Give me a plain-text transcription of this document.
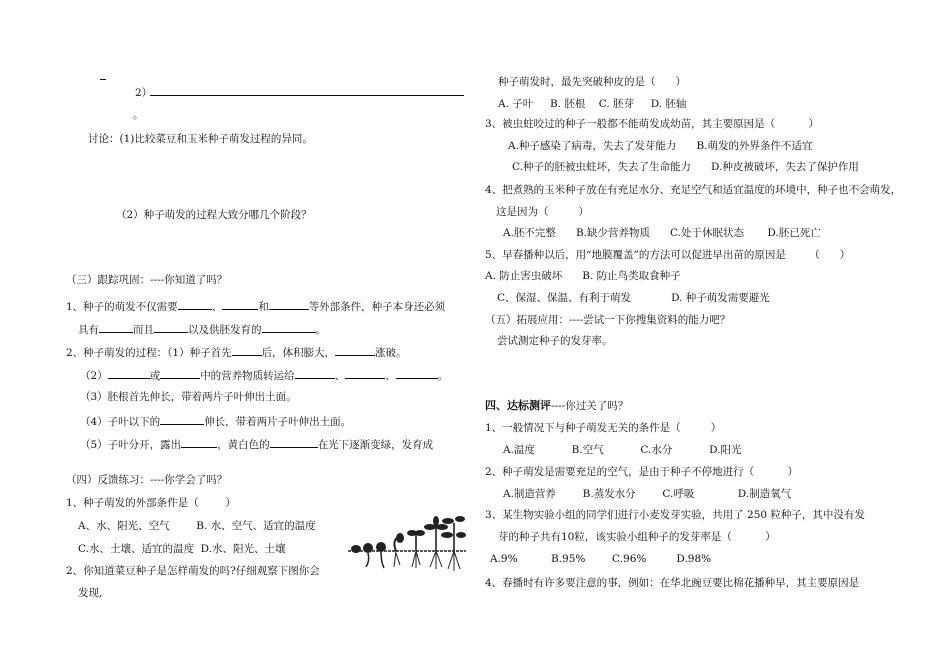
2）
。
讨论：(1)比较菜豆和玉米种子萌发过程的异同。
（2）种子萌发的过程大致分哪几个阶段？
（三）跟踪巩固：----你知道了吗？
1、种子的萌发不仅需要	、	和	等外部条件，种子本身还必须
具有	而且	以及供胚发育的	。
2、种子萌发的过程：（1）种子首先	后，体积膨大，	涨破。
（2）	或	中的营养物质转运给	、	、	。
（3）胚根首先伸长，带着两片子叶伸出土面。
（4）子叶以下的	伸长，带着两片子叶伸出土面。
（5）子叶分开，露出	，黄白色的	在光下逐渐变绿，发育成
（四）反馈练习：----你学会了吗？
1、种子萌发的外部条件是（        ）
A、水、阳光、空气        B. 水、空气、适宜的温度
C.水、土壤、适宜的温度  D.水、阳光、土壤
2、你知道菜豆种子是怎样萌发的吗?仔细观察下图你会
发现,
种子萌发时，最先突破种皮的是（      ）
A. 子叶     B. 胚根    C. 胚芽     D. 胚轴
3、被虫蛀咬过的种子一般都不能萌发成幼苗，其主要原因是（          ）
A.种子感染了病毒，失去了发芽能力      B.萌发的外界条件不适宜
C.种子的胚被虫蛀坏，失去了生命能力      D.种皮被破坏，失去了保护作用
4、把煮熟的玉米种子放在有充足水分、充足空气和适宜温度的环境中，种子也不会萌发，
这是因为（         ）
A.胚不完整      B.缺少营养物质      C.处于休眠状态       D.胚已死亡
5、早春播种以后，用“地膜覆盖”的方法可以促进早出苗的原因是       （      ）
A. 防止害虫破坏      B. 防止鸟类取食种子
C、保湿、保温、有利于萌发            D. 种子萌发需要避光
（五）拓展应用：----尝试一下你搜集资料的能力吧？
尝试测定种子的发芽率。
四、达标测评----你过关了吗？
1、一般情况下与种子萌发无关的条件是（         ）
A.温度           B.空气           C.水分           D.阳光
2、种子萌发是需要充足的空气，是由于种子不停地进行（          ）
A.制造营养        B.蒸发水分        C.呼吸             D.制造氧气
3、某生物实验小组的同学们进行小麦发芽实验，共用了 250 粒种子，其中没有发
芽的种子共有10粒，该实验小组种子的发芽率是（          ）
A.9%          B.95%        C.96%         D.98%
4、春播时有许多要注意的事，例如：在华北豌豆要比棉花播种早，其主要原因是
